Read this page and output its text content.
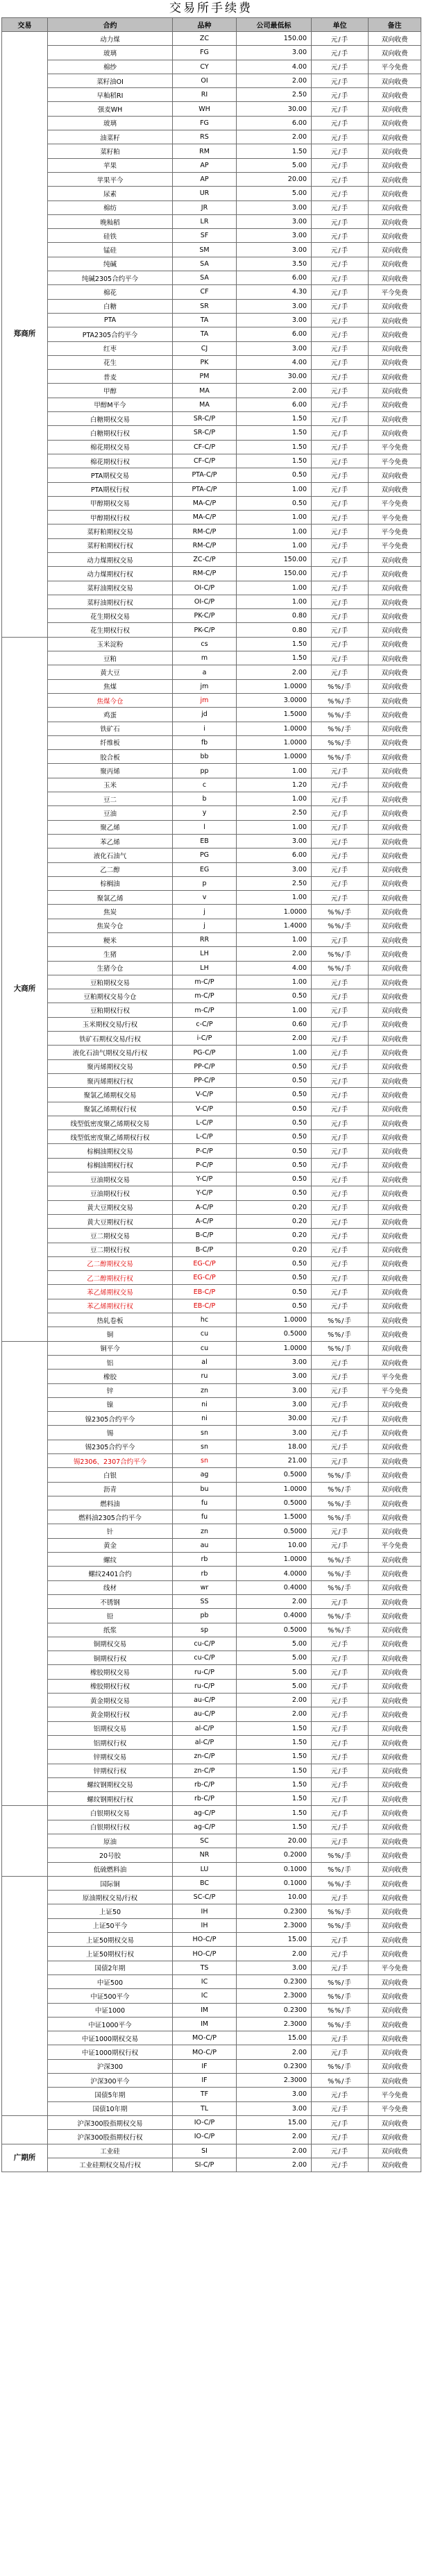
交易所手续费
交易	合约	品种	公司最低标	单位	备注
郑商所	动力煤	ZC	150.00	元/手	双向收费
	玻璃	FG	3.00	元/手	双向收费
	棉纱	CY	4.00	元/手	平今免费
	菜籽油OI	OI	2.00	元/手	双向收费
	早籼稻RI	RI	2.50	元/手	双向收费
	强麦WH	WH	30.00	元/手	双向收费
	玻璃	FG	6.00	元/手	双向收费
	油菜籽	RS	2.00	元/手	双向收费
	菜籽粕	RM	1.50	元/手	双向收费
	苹果	AP	5.00	元/手	双向收费
	苹果平今	AP	20.00	元/手	双向收费
	尿素	UR	5.00	元/手	双向收费
	棉纺	JR	3.00	元/手	双向收费
	晚籼稻	LR	3.00	元/手	双向收费
	硅铁	SF	3.00	元/手	双向收费
	锰硅	SM	3.00	元/手	双向收费
	纯碱	SA	3.50	元/手	双向收费
	纯碱2305合约平今	SA	6.00	元/手	双向收费
	棉花	CF	4.30	元/手	平今免费
	白糖	SR	3.00	元/手	双向收费
	PTA	TA	3.00	元/手	双向收费
	PTA2305合约平今	TA	6.00	元/手	双向收费
	红枣	CJ	3.00	元/手	双向收费
	花生	PK	4.00	元/手	双向收费
	普麦	PM	30.00	元/手	双向收费
	甲醇	MA	2.00	元/手	双向收费
	甲醇M平今	MA	6.00	元/手	双向收费
	白糖期权交易	SR-C/P	1.50	元/手	双向收费
	白糖期权行权	SR-C/P	1.50	元/手	双向收费
	棉花期权交易	CF-C/P	1.50	元/手	平今免费
	棉花期权行权	CF-C/P	1.50	元/手	平今免费
	PTA期权交易	PTA-C/P	0.50	元/手	双向收费
	PTA期权行权	PTA-C/P	1.00	元/手	双向收费
	甲醇期权交易	MA-C/P	0.50	元/手	平今免费
	甲醇期权行权	MA-C/P	1.00	元/手	平今免费
	菜籽粕期权交易	RM-C/P	1.00	元/手	平今免费
	菜籽粕期权行权	RM-C/P	1.00	元/手	平今免费
	动力煤期权交易	ZC-C/P	150.00	元/手	双向收费
	动力煤期权行权	RM-C/P	150.00	元/手	双向收费
	菜籽油期权交易	OI-C/P	1.00	元/手	双向收费
	菜籽油期权行权	OI-C/P	1.00	元/手	双向收费
	花生期权交易	PK-C/P	0.80	元/手	双向收费
	花生期权行权	PK-C/P	0.80	元/手	双向收费
大商所	玉米淀粉	cs	1.50	元/手	双向收费
	豆粕	m	1.50	元/手	双向收费
	黄大豆	a	2.00	元/手	双向收费
	焦煤	jm	1.0000	%%/手	双向收费
	焦煤今仓	jm	3.0000	%%/手	双向收费
	鸡蛋	jd	1.5000	%%/手	双向收费
	铁矿石	i	1.0000	%%/手	双向收费
	纤维板	fb	1.0000	%%/手	双向收费
	胶合板	bb	1.0000	%%/手	双向收费
	聚丙烯	pp	1.00	元/手	双向收费
	玉米	c	1.20	元/手	双向收费
	豆二	b	1.00	元/手	双向收费
	豆油	y	2.50	元/手	双向收费
	聚乙烯	l	1.00	元/手	双向收费
	苯乙烯	EB	3.00	元/手	双向收费
	液化石油气	PG	6.00	元/手	双向收费
	乙二醇	EG	3.00	元/手	双向收费
	棕榈油	p	2.50	元/手	双向收费
	聚氯乙烯	v	1.00	元/手	双向收费
	焦炭	j	1.0000	%%/手	双向收费
	焦炭今仓	j	1.4000	%%/手	双向收费
	粳米	RR	1.00	元/手	双向收费
	生猪	LH	2.00	%%/手	双向收费
	生猪今仓	LH	4.00	%%/手	双向收费
	豆粕期权交易	m-C/P	1.00	元/手	双向收费
	豆粕期权交易今仓	m-C/P	0.50	元/手	双向收费
	豆粕期权行权	m-C/P	1.00	元/手	双向收费
	玉米期权交易/行权	c-C/P	0.60	元/手	双向收费
	铁矿石期权交易/行权	i-C/P	2.00	元/手	双向收费
	液化石油气期权交易/行权	PG-C/P	1.00	元/手	双向收费
	聚丙烯期权交易	PP-C/P	0.50	元/手	双向收费
	聚丙烯期权行权	PP-C/P	0.50	元/手	双向收费
	聚氯乙烯期权交易	V-C/P	0.50	元/手	双向收费
	聚氯乙烯期权行权	V-C/P	0.50	元/手	双向收费
	线型低密度聚乙烯期权交易	L-C/P	0.50	元/手	双向收费
	线型低密度聚乙烯期权行权	L-C/P	0.50	元/手	双向收费
	棕榈油期权交易	P-C/P	0.50	元/手	双向收费
	棕榈油期权行权	P-C/P	0.50	元/手	双向收费
	豆油期权交易	Y-C/P	0.50	元/手	双向收费
	豆油期权行权	Y-C/P	0.50	元/手	双向收费
	黄大豆期权交易	A-C/P	0.20	元/手	双向收费
	黄大豆期权行权	A-C/P	0.20	元/手	双向收费
	豆二期权交易	B-C/P	0.20	元/手	双向收费
	豆二期权行权	B-C/P	0.20	元/手	双向收费
	乙二醇期权交易	EG-C/P	0.50	元/手	双向收费
	乙二醇期权行权	EG-C/P	0.50	元/手	双向收费
	苯乙烯期权交易	EB-C/P	0.50	元/手	双向收费
	苯乙烯期权行权	EB-C/P	0.50	元/手	双向收费
	热轧卷板	hc	1.0000	%%/手	双向收费
	铜	cu	0.5000	%%/手	双向收费
	铜平今	cu	1.0000	%%/手	双向收费
	铝	al	3.00	元/手	双向收费
	橡胶	ru	3.00	元/手	平今免费
	锌	zn	3.00	元/手	平今免费
	镍	ni	3.00	元/手	双向收费
	镍2305合约平今	ni	30.00	元/手	双向收费
	锡	sn	3.00	元/手	双向收费
	锡2305合约平今	sn	18.00	元/手	双向收费
	锡2306、2307合约平今	sn	21.00	元/手	双向收费
	白银	ag	0.5000	%%/手	双向收费
	沥青	bu	1.0000	%%/手	双向收费
	燃料油	fu	0.5000	%%/手	双向收费
	燃料油2305合约平今	fu	1.5000	%%/手	双向收费
	针	zn	0.5000	元/手	双向收费
	黄金	au	10.00	元/手	平今免费
	螺纹	rb	1.0000	%%/手	双向收费
	螺纹2401合约	rb	4.0000	%%/手	双向收费
	线材	wr	0.4000	%%/手	双向收费
	不锈钢	SS	2.00	元/手	双向收费
	铅	pb	0.4000	%%/手	双向收费
	纸浆	sp	0.5000	%%/手	双向收费
	铜期权交易	cu-C/P	5.00	元/手	双向收费
	铜期权行权	cu-C/P	5.00	元/手	双向收费
	橡胶期权交易	ru-C/P	5.00	元/手	双向收费
	橡胶期权行权	ru-C/P	5.00	元/手	双向收费
	黄金期权交易	au-C/P	2.00	元/手	双向收费
	黄金期权行权	au-C/P	2.00	元/手	双向收费
	铝期权交易	al-C/P	1.50	元/手	双向收费
	铝期权行权	al-C/P	1.50	元/手	双向收费
	锌期权交易	zn-C/P	1.50	元/手	双向收费
	锌期权行权	zn-C/P	1.50	元/手	双向收费
	螺纹钢期权交易	rb-C/P	1.50	元/手	双向收费
	螺纹钢期权行权	rb-C/P	1.50	元/手	双向收费
	白银期权交易	ag-C/P	1.50	元/手	双向收费
	白银期权行权	ag-C/P	1.50	元/手	双向收费
	原油	SC	20.00	元/手	双向收费
	20号胶	NR	0.2000	%%/手	双向收费
	低硫燃料油	LU	0.1000	%%/手	双向收费
	国际铜	BC	0.1000	%%/手	双向收费
	原油期权交易/行权	SC-C/P	10.00	元/手	双向收费
	上证50	IH	0.2300	%%/手	双向收费
	上证50平今	IH	2.3000	%%/手	双向收费
	上证50期权交易	HO-C/P	15.00	元/手	双向收费
	上证50期权行权	HO-C/P	2.00	元/手	双向收费
	国债2年期	TS	3.00	元/手	平今免费
	中证500	IC	0.2300	%%/手	双向收费
	中证500平今	IC	2.3000	%%/手	双向收费
	中证1000	IM	0.2300	%%/手	双向收费
	中证1000平今	IM	2.3000	%%/手	双向收费
	中证1000期权交易	MO-C/P	15.00	元/手	双向收费
	中证1000期权行权	MO-C/P	2.00	元/手	双向收费
	沪深300	IF	0.2300	%%/手	双向收费
	沪深300平今	IF	2.3000	%%/手	双向收费
	国债5年期	TF	3.00	元/手	平今免费
	国债10年期	TL	3.00	元/手	平今免费
	沪深300股指期权交易	IO-C/P	15.00	元/手	双向收费
	沪深300股指期权行权	IO-C/P	2.00	元/手	双向收费
广期所	工业硅	SI	2.00	元/手	双向收费
	工业硅期权交易/行权	SI-C/P	2.00	元/手	双向收费
